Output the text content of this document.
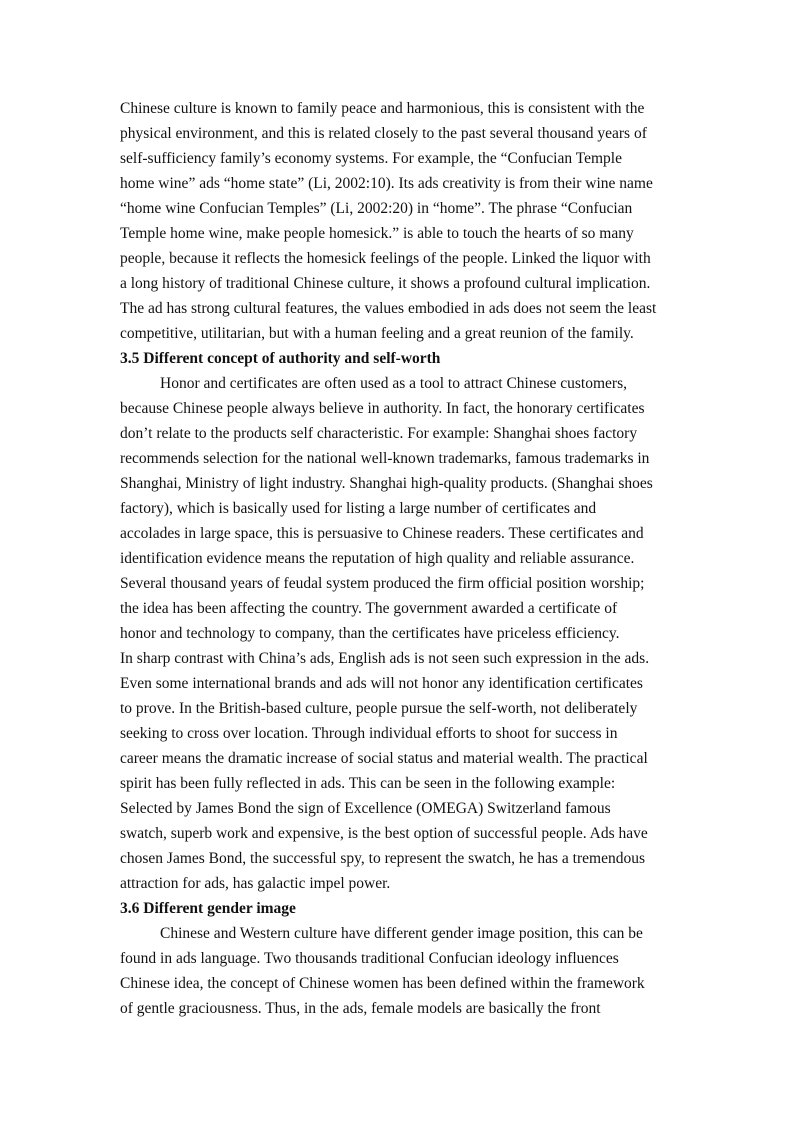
Chinese culture is known to family peace and harmonious, this is consistent with the
physical environment, and this is related closely to the past several thousand years of
self-sufficiency family’s economy systems. For example, the “Confucian Temple
home wine” ads “home state” (Li, 2002:10). Its ads creativity is from their wine name
“home wine Confucian Temples” (Li, 2002:20) in “home”. The phrase “Confucian
Temple home wine, make people homesick.” is able to touch the hearts of so many
people, because it reflects the homesick feelings of the people. Linked the liquor with
a long history of traditional Chinese culture, it shows a profound cultural implication.
The ad has strong cultural features, the values embodied in ads does not seem the least
competitive, utilitarian, but with a human feeling and a great reunion of the family.
3.5 Different concept of authority and self-worth
Honor and certificates are often used as a tool to attract Chinese customers,
because Chinese people always believe in authority. In fact, the honorary certificates
don’t relate to the products self characteristic. For example: Shanghai shoes factory
recommends selection for the national well-known trademarks, famous trademarks in
Shanghai, Ministry of light industry. Shanghai high-quality products. (Shanghai shoes
factory), which is basically used for listing a large number of certificates and
accolades in large space, this is persuasive to Chinese readers. These certificates and
identification evidence means the reputation of high quality and reliable assurance.
Several thousand years of feudal system produced the firm official position worship;
the idea has been affecting the country. The government awarded a certificate of
honor and technology to company, than the certificates have priceless efficiency.
In sharp contrast with China’s ads, English ads is not seen such expression in the ads.
Even some international brands and ads will not honor any identification certificates
to prove. In the British-based culture, people pursue the self-worth, not deliberately
seeking to cross over location. Through individual efforts to shoot for success in
career means the dramatic increase of social status and material wealth. The practical
spirit has been fully reflected in ads. This can be seen in the following example:
Selected by James Bond the sign of Excellence (OMEGA) Switzerland famous
swatch, superb work and expensive, is the best option of successful people. Ads have
chosen James Bond, the successful spy, to represent the swatch, he has a tremendous
attraction for ads, has galactic impel power.
3.6 Different gender image
Chinese and Western culture have different gender image position, this can be
found in ads language. Two thousands traditional Confucian ideology influences
Chinese idea, the concept of Chinese women has been defined within the framework
of gentle graciousness. Thus, in the ads, female models are basically the front
